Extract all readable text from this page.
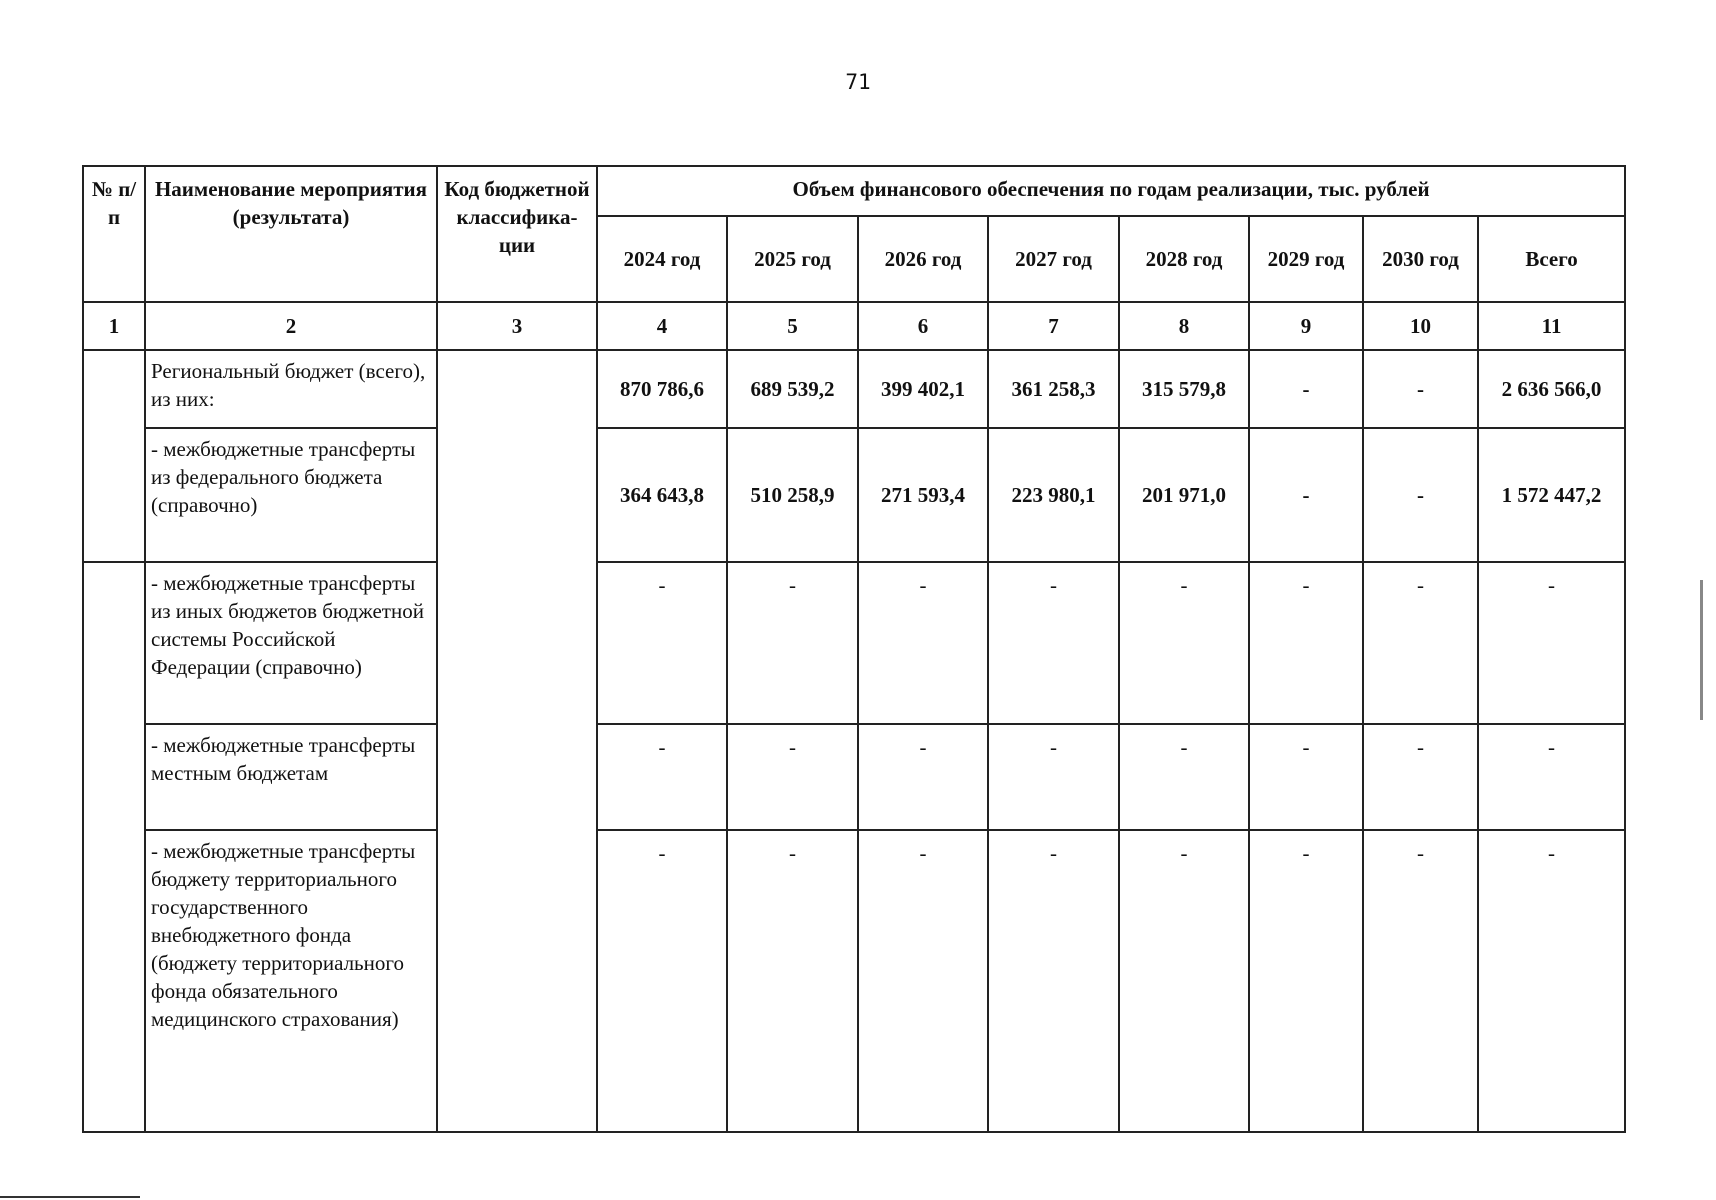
71
№ п/п	Наименование мероприятия (результата)	Код бюджетной классифика-ции	Объем финансового обеспечения по годам реализации, тыс. рублей							
			2024 год	2025 год	2026 год	2027 год	2028 год	2029 год	2030 год	Всего
1	2	3	4	5	6	7	8	9	10	11
	Региональный бюджет (всего), из них:		870 786,6	689 539,2	399 402,1	361 258,3	315 579,8	-	-	2 636 566,0
	- межбюджетные трансферты из федерального бюджета (справочно)		364 643,8	510 258,9	271 593,4	223 980,1	201 971,0	-	-	1 572 447,2
	- межбюджетные трансферты из иных бюджетов бюджетной системы Российской Федерации (справочно)		-	-	-	-	-	-	-	-
	- межбюджетные трансферты местным бюджетам		-	-	-	-	-	-	-	-
	- межбюджетные трансферты бюджету территориального государственного внебюджетного фонда (бюджету территориального фонда обязательного медицинского страхования)		-	-	-	-	-	-	-	-
